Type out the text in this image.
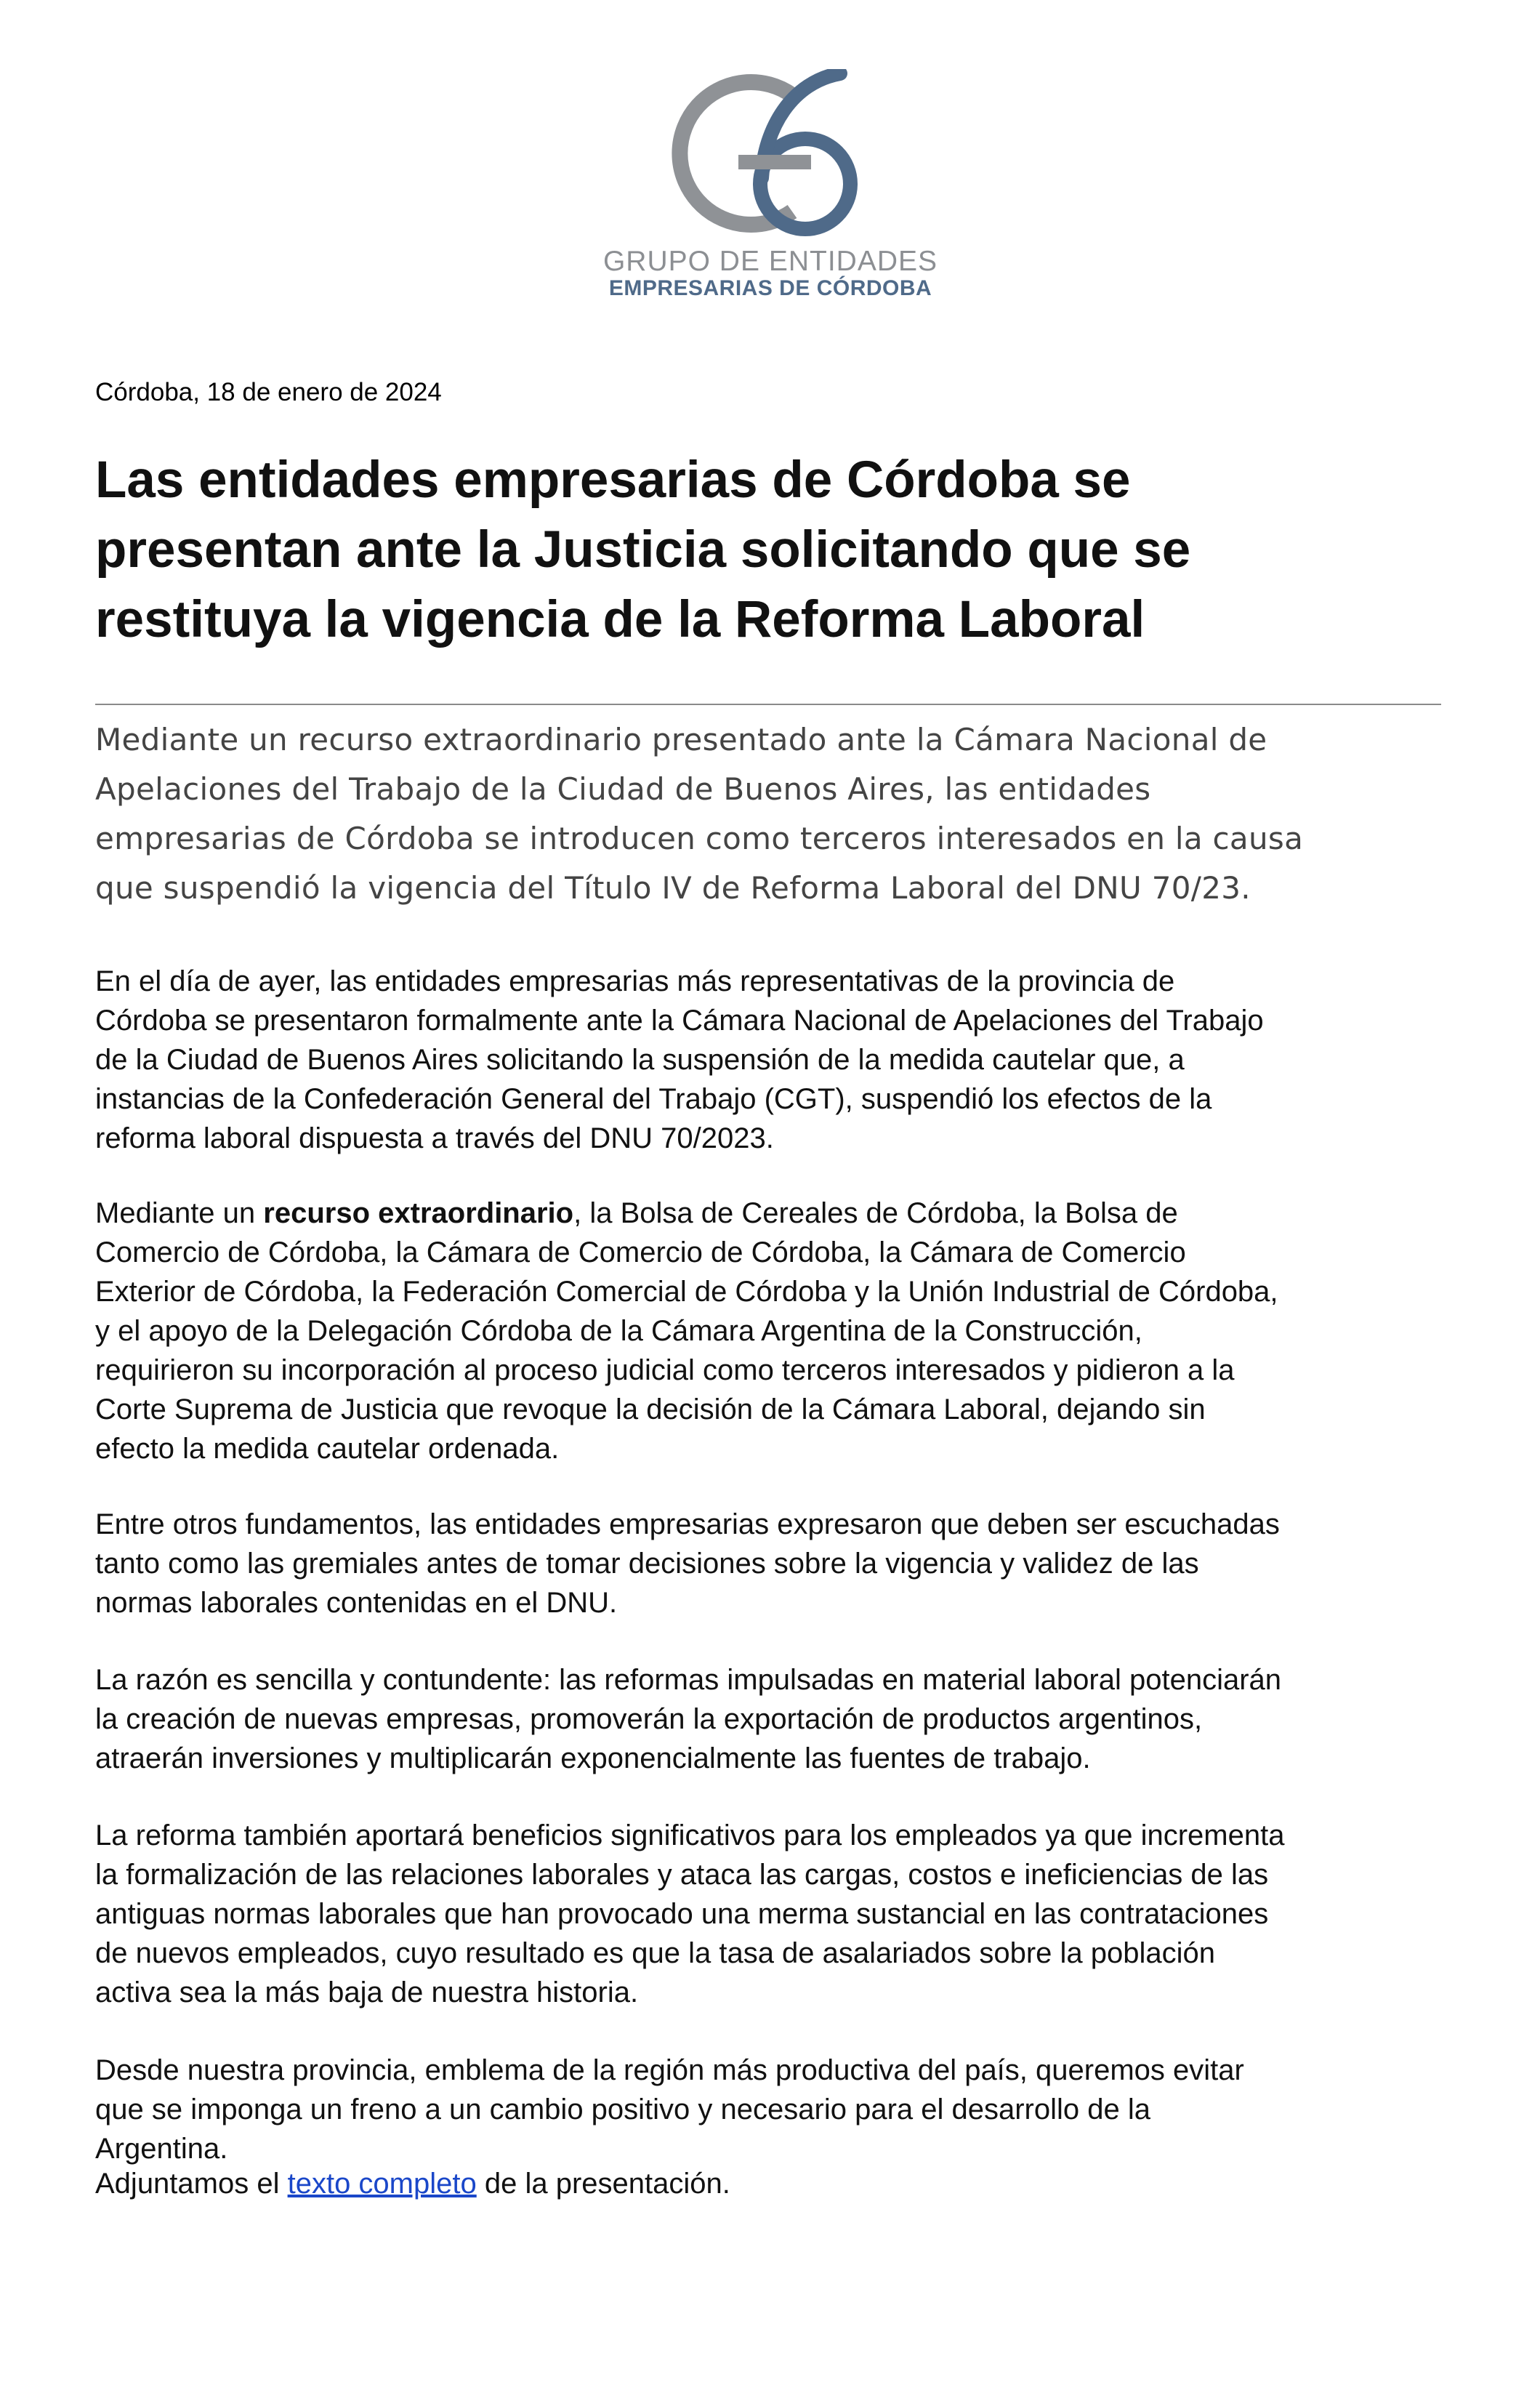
GRUPO DE ENTIDADES
EMPRESARIAS DE CÓRDOBA
Córdoba, 18 de enero de 2024
Las entidades empresarias de Córdoba se
presentan ante la Justicia solicitando que se
restituya la vigencia de la Reforma Laboral
Mediante un recurso extraordinario presentado ante la Cámara Nacional de
Apelaciones del Trabajo de la Ciudad de Buenos Aires, las entidades
empresarias de Córdoba se introducen como terceros interesados en la causa
que suspendió la vigencia del Título IV de Reforma Laboral del DNU 70/23.
En el día de ayer, las entidades empresarias más representativas de la provincia de
Córdoba se presentaron formalmente ante la Cámara Nacional de Apelaciones del Trabajo
de la Ciudad de Buenos Aires solicitando la suspensión de la medida cautelar que, a
instancias de la Confederación General del Trabajo (CGT), suspendió los efectos de la
reforma laboral dispuesta a través del DNU 70/2023.
Mediante un recurso extraordinario, la Bolsa de Cereales de Córdoba, la Bolsa de
Comercio de Córdoba, la Cámara de Comercio de Córdoba, la Cámara de Comercio
Exterior de Córdoba, la Federación Comercial de Córdoba y la Unión Industrial de Córdoba,
y el apoyo de la Delegación Córdoba de la Cámara Argentina de la Construcción,
requirieron su incorporación al proceso judicial como terceros interesados y pidieron a la
Corte Suprema de Justicia que revoque la decisión de la Cámara Laboral, dejando sin
efecto la medida cautelar ordenada.
Entre otros fundamentos, las entidades empresarias expresaron que deben ser escuchadas
tanto como las gremiales antes de tomar decisiones sobre la vigencia y validez de las
normas laborales contenidas en el DNU.
La razón es sencilla y contundente: las reformas impulsadas en material laboral potenciarán
la creación de nuevas empresas, promoverán la exportación de productos argentinos,
atraerán inversiones y multiplicarán exponencialmente las fuentes de trabajo.
La reforma también aportará beneficios significativos para los empleados ya que incrementa
la formalización de las relaciones laborales y ataca las cargas, costos e ineficiencias de las
antiguas normas laborales que han provocado una merma sustancial en las contrataciones
de nuevos empleados, cuyo resultado es que la tasa de asalariados sobre la población
activa sea la más baja de nuestra historia.
Desde nuestra provincia, emblema de la región más productiva del país, queremos evitar
que se imponga un freno a un cambio positivo y necesario para el desarrollo de la
Argentina.
Adjuntamos el texto completo de la presentación.
